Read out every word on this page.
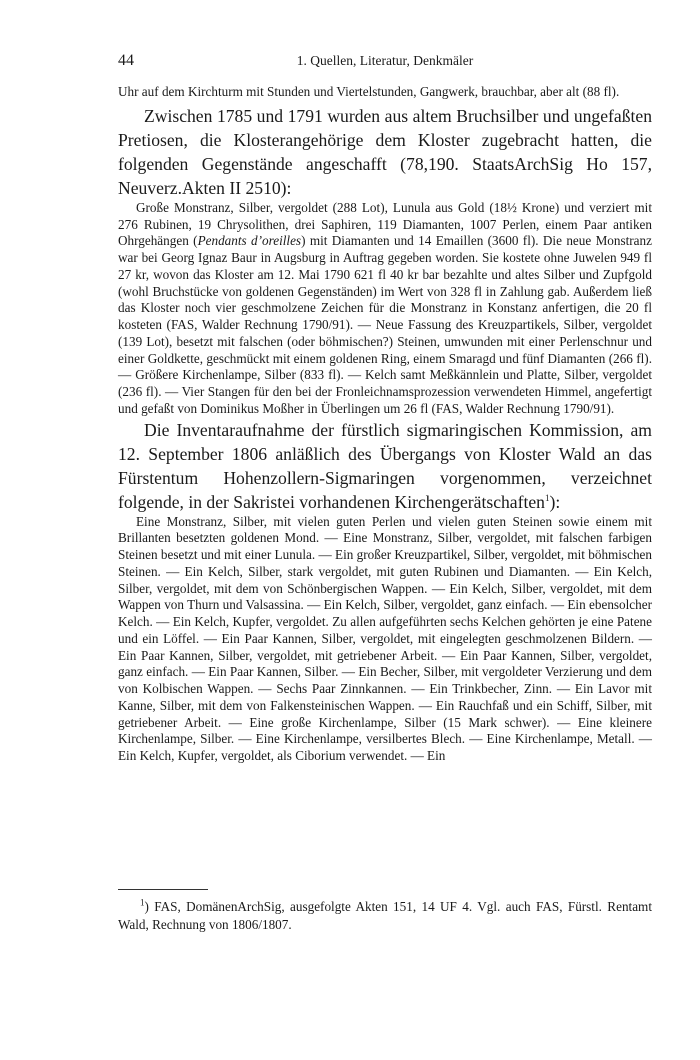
44	1. Quellen, Literatur, Denkmäler

Uhr auf dem Kirchturm mit Stunden und Viertelstunden, Gangwerk, brauchbar, aber alt (88 fl).

Zwischen 1785 und 1791 wurden aus altem Bruchsilber und ungefaßten Pretiosen, die Klosterangehörige dem Kloster zugebracht hatten, die folgenden Gegenstände angeschafft (78,190. StaatsArchSig Ho 157, Neuverz.Akten II 2510):

Große Monstranz, Silber, vergoldet (288 Lot), Lunula aus Gold (18½ Krone) und verziert mit 276 Rubinen, 19 Chrysolithen, drei Saphiren, 119 Diamanten, 1007 Perlen, einem Paar antiken Ohrgehängen (Pendants d’oreilles) mit Diamanten und 14 Emaillen (3600 fl). Die neue Monstranz war bei Georg Ignaz Baur in Augsburg in Auftrag gegeben worden. Sie kostete ohne Juwelen 949 fl 27 kr, wovon das Kloster am 12. Mai 1790 621 fl 40 kr bar bezahlte und altes Silber und Zupfgold (wohl Bruchstücke von goldenen Gegenständen) im Wert von 328 fl in Zahlung gab. Außerdem ließ das Kloster noch vier geschmolzene Zeichen für die Monstranz in Konstanz anfertigen, die 20 fl kosteten (FAS, Walder Rechnung 1790/91). — Neue Fassung des Kreuzpartikels, Silber, vergoldet (139 Lot), besetzt mit falschen (oder böhmischen?) Steinen, umwunden mit einer Perlenschnur und einer Goldkette, geschmückt mit einem goldenen Ring, einem Smaragd und fünf Diamanten (266 fl). — Größere Kirchenlampe, Silber (833 fl). — Kelch samt Meßkännlein und Platte, Silber, vergoldet (236 fl). — Vier Stangen für den bei der Fronleichnamsprozession verwendeten Himmel, angefertigt und gefaßt von Dominikus Moßher in Überlingen um 26 fl (FAS, Walder Rechnung 1790/91).

Die Inventaraufnahme der fürstlich sigmaringischen Kommission, am 12. September 1806 anläßlich des Übergangs von Kloster Wald an das Fürstentum Hohenzollern-Sigmaringen vorgenommen, verzeichnet folgende, in der Sakristei vorhandenen Kirchengerätschaften$^1$):

Eine Monstranz, Silber, mit vielen guten Perlen und vielen guten Steinen sowie einem mit Brillanten besetzten goldenen Mond. — Eine Monstranz, Silber, vergoldet, mit falschen farbigen Steinen besetzt und mit einer Lunula. — Ein großer Kreuzpartikel, Silber, vergoldet, mit böhmischen Steinen. — Ein Kelch, Silber, stark vergoldet, mit guten Rubinen und Diamanten. — Ein Kelch, Silber, vergoldet, mit dem von Schönbergischen Wappen. — Ein Kelch, Silber, vergoldet, mit dem Wappen von Thurn und Valsassina. — Ein Kelch, Silber, vergoldet, ganz einfach. — Ein ebensolcher Kelch. — Ein Kelch, Kupfer, vergoldet. Zu allen aufgeführten sechs Kelchen gehörten je eine Patene und ein Löffel. — Ein Paar Kannen, Silber, vergoldet, mit eingelegten geschmolzenen Bildern. — Ein Paar Kannen, Silber, vergoldet, mit getriebener Arbeit. — Ein Paar Kannen, Silber, vergoldet, ganz einfach. — Ein Paar Kannen, Silber. — Ein Becher, Silber, mit vergoldeter Verzierung und dem von Kolbischen Wappen. — Sechs Paar Zinnkannen. — Ein Trinkbecher, Zinn. — Ein Lavor mit Kanne, Silber, mit dem von Falkensteinischen Wappen. — Ein Rauchfaß und ein Schiff, Silber, mit getriebener Arbeit. — Eine große Kirchenlampe, Silber (15 Mark schwer). — Eine kleinere Kirchenlampe, Silber. — Eine Kirchenlampe, versilbertes Blech. — Eine Kirchenlampe, Metall. — Ein Kelch, Kupfer, vergoldet, als Ciborium verwendet. — Ein

$^1$) FAS, DomänenArchSig, ausgefolgte Akten 151, 14 UF 4. Vgl. auch FAS, Fürstl. Rentamt Wald, Rechnung von 1806/1807.
